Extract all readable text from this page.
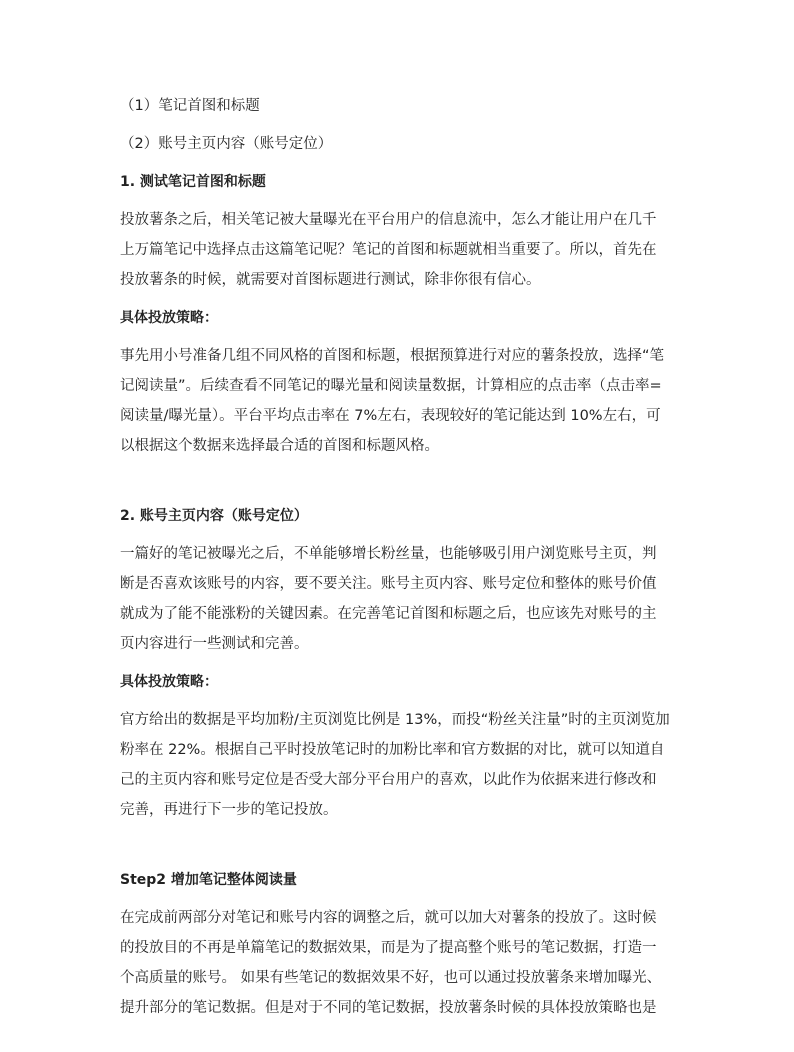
（1）笔记首图和标题
（2）账号主页内容（账号定位）
1. 测试笔记首图和标题
投放薯条之后，相关笔记被大量曝光在平台用户的信息流中，怎么才能让用户在几千
上万篇笔记中选择点击这篇笔记呢？笔记的首图和标题就相当重要了。所以，首先在
投放薯条的时候，就需要对首图标题进行测试，除非你很有信心。
具体投放策略：
事先用小号准备几组不同风格的首图和标题，根据预算进行对应的薯条投放，选择“笔
记阅读量”。后续查看不同笔记的曝光量和阅读量数据，计算相应的点击率（点击率=
阅读量/曝光量）。平台平均点击率在 7%左右，表现较好的笔记能达到 10%左右，可
以根据这个数据来选择最合适的首图和标题风格。
2. 账号主页内容（账号定位）
一篇好的笔记被曝光之后，不单能够增长粉丝量，也能够吸引用户浏览账号主页，判
断是否喜欢该账号的内容，要不要关注。账号主页内容、账号定位和整体的账号价值
就成为了能不能涨粉的关键因素。在完善笔记首图和标题之后，也应该先对账号的主
页内容进行一些测试和完善。
具体投放策略：
官方给出的数据是平均加粉/主页浏览比例是 13%，而投“粉丝关注量”时的主页浏览加
粉率在 22%。根据自己平时投放笔记时的加粉比率和官方数据的对比，就可以知道自
己的主页内容和账号定位是否受大部分平台用户的喜欢，以此作为依据来进行修改和
完善，再进行下一步的笔记投放。
Step2 增加笔记整体阅读量
在完成前两部分对笔记和账号内容的调整之后，就可以加大对薯条的投放了。这时候
的投放目的不再是单篇笔记的数据效果，而是为了提高整个账号的笔记数据，打造一
个高质量的账号。 如果有些笔记的数据效果不好，也可以通过投放薯条来增加曝光、
提升部分的笔记数据。但是对于不同的笔记数据，投放薯条时候的具体投放策略也是
